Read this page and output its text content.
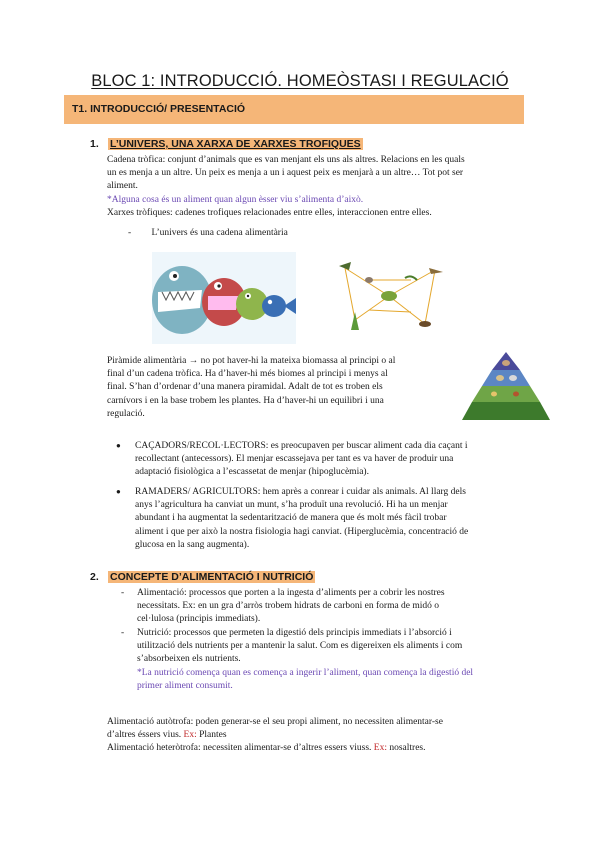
BLOC 1: INTRODUCCIÓ. HOMEÒSTASI I REGULACIÓ
T1. INTRODUCCIÓ/ PRESENTACIÓ
1. L’UNIVERS, UNA XARXA DE XARXES TROFIQUES
Cadena tròfica: conjunt d’animals que es van menjant els uns als altres. Relacions en les quals
un es menja a un altre. Un peix es menja a un i aquest peix es menjarà a un altre… Tot pot ser
aliment.
*Alguna cosa és un aliment quan algun èsser viu s’alimenta d’això.
Xarxes tròfiques: cadenes trofiques relacionades entre elles, interaccionen entre elles.
- L’univers és una cadena alimentària
Piràmide alimentària → no pot haver-hi la mateixa biomassa al principi o al
final d’un cadena tròfica. Ha d’haver-hi més biomes al principi i menys al
final. S’han d’ordenar d’una manera piramidal. Adalt de tot es troben els
carnívors i en la base trobem les plantes. Ha d’haver-hi un equilibri i una
regulació.
● CAÇADORS/RECOL·LECTORS: es preocupaven per buscar aliment cada dia caçant i
recollectant (antecessors). El menjar escassejava per tant es va haver de produir una
adaptació fisiològica a l’escassetat de menjar (hipoglucèmia).
● RAMADERS/ AGRICULTORS: hem après a conrear i cuidar als animals. Al llarg dels
anys l’agricultura ha canviat un munt, s’ha produït una revolució. Hi ha un menjar
abundant i ha augmentat la sedentarització de manera que és molt més fàcil trobar
aliment i que per això la nostra fisiologia hagi canviat. (Hiperglucèmia, concentració de
glucosa en la sang augmenta).
2. CONCEPTE D’ALIMENTACIÓ I NUTRICIÓ
- Alimentació: processos que porten a la ingesta d’aliments per a cobrir les nostres
necessitats. Ex: en un gra d’arròs trobem hidrats de carboni en forma de midó o
cel·lulosa (principis immediats).
- Nutrició: processos que permeten la digestió dels principis immediats i l’absorció i
utilització dels nutrients per a mantenir la salut. Com es digereixen els aliments i com
s’absorbeixen els nutrients.
*La nutrició comença quan es comença a ingerir l’aliment, quan comença la digestió del
primer aliment consumit.
Alimentació autòtrofa: poden generar-se el seu propi aliment, no necessiten alimentar-se
d’altres éssers vius. Ex: Plantes
Alimentació heteròtrofa: necessiten alimentar-se d’altres essers viuss. Ex: nosaltres.
